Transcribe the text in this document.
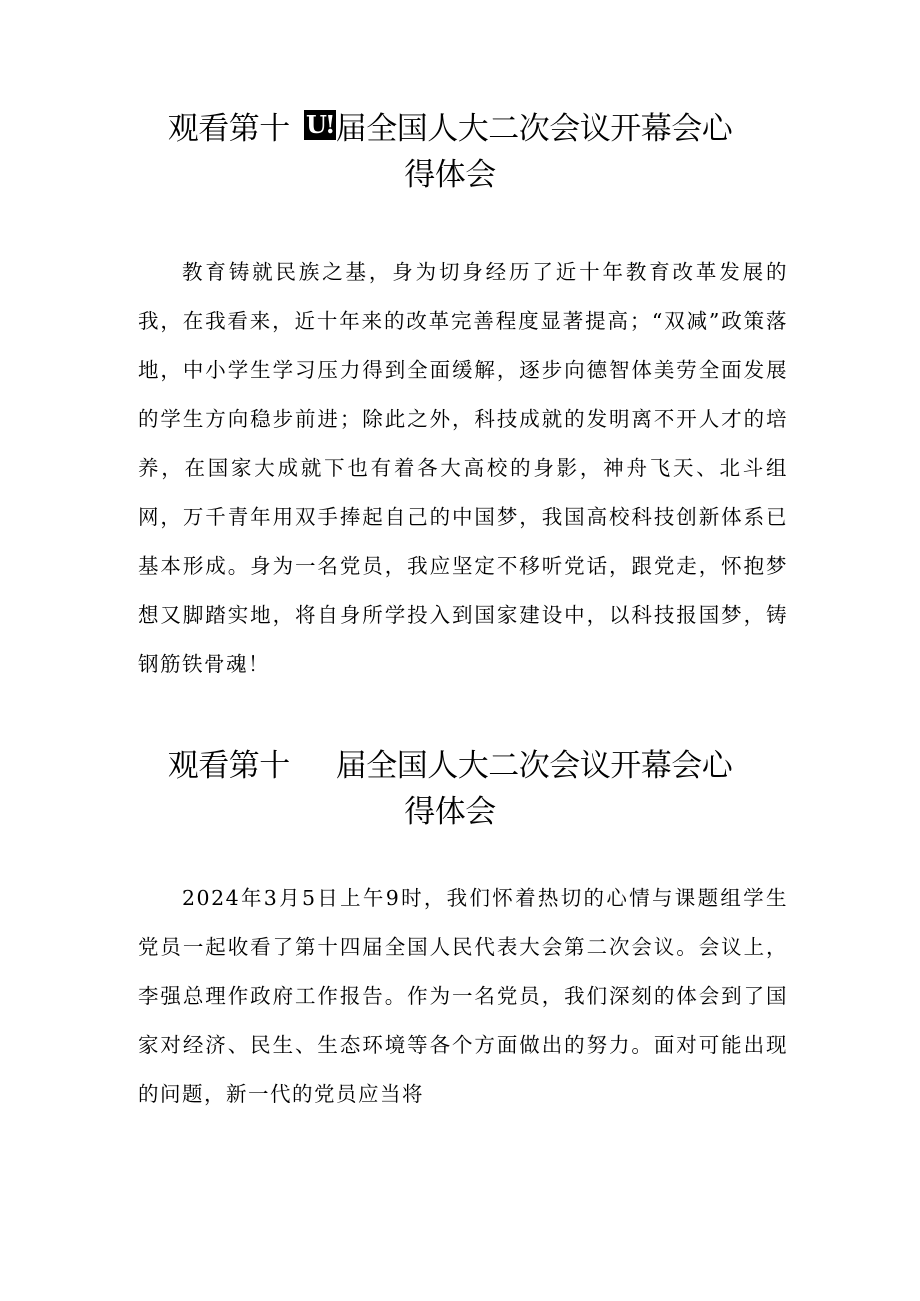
观看第十 U! 届全国人大二次会议开幕会心
得体会

教育铸就民族之基，身为切身经历了近十年教育改革发展的我，在我看来，近十年来的改革完善程度显著提高；“双减”政策落地，中小学生学习压力得到全面缓解，逐步向德智体美劳全面发展的学生方向稳步前进；除此之外，科技成就的发明离不开人才的培养，在国家大成就下也有着各大高校的身影，神舟飞天、北斗组网，万千青年用双手捧起自己的中国梦，我国高校科技创新体系已基本形成。身为一名党员，我应坚定不移听党话，跟党走，怀抱梦想又脚踏实地，将自身所学投入到国家建设中，以科技报国梦，铸钢筋铁骨魂！

观看第十 届全国人大二次会议开幕会心
得体会

2024年3月5日上午9时，我们怀着热切的心情与课题组学生党员一起收看了第十四届全国人民代表大会第二次会议。会议上，李强总理作政府工作报告。作为一名党员，我们深刻的体会到了国家对经济、民生、生态环境等各个方面做出的努力。面对可能出现的问题，新一代的党员应当将
